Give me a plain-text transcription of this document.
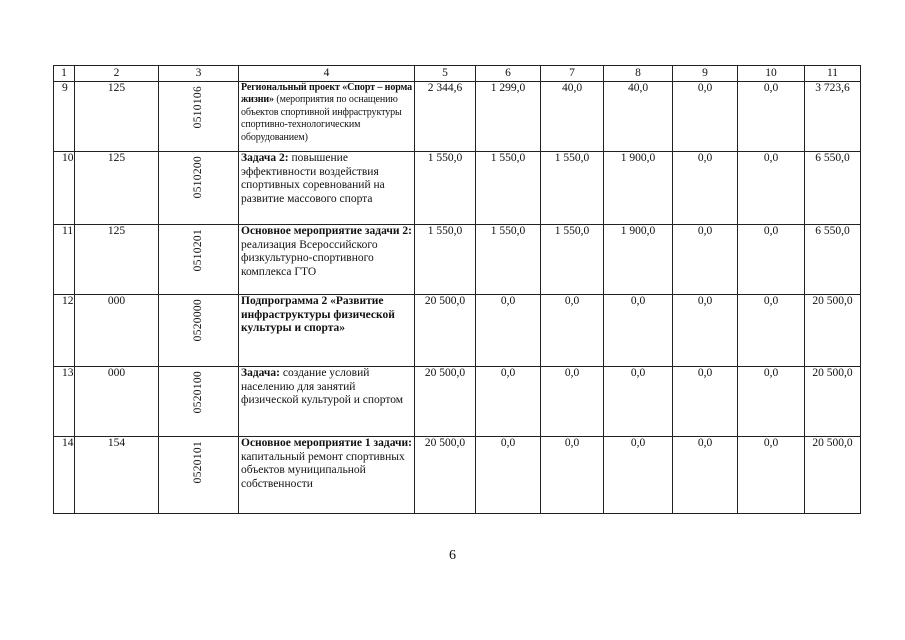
1	2	3	4	5	6	7	8	9	10	11
9	125	0510106	Региональный проект «Спорт – норма жизни» (мероприятия по оснащению объектов спортивной инфраструктуры спортивно-технологическим оборудованием)	2 344,6	1 299,0	40,0	40,0	0,0	0,0	3 723,6
10	125	0510200	Задача 2: повышение эффективности воздействия спортивных соревнований на развитие массового спорта	1 550,0	1 550,0	1 550,0	1 900,0	0,0	0,0	6 550,0
11	125	0510201	Основное мероприятие задачи 2: реализация Всероссийского физкультурно-спортивного комплекса ГТО	1 550,0	1 550,0	1 550,0	1 900,0	0,0	0,0	6 550,0
12	000	0520000	Подпрограмма 2 «Развитие инфраструктуры физической культуры и спорта»	20 500,0	0,0	0,0	0,0	0,0	0,0	20 500,0
13	000	0520100	Задача: создание условий населению для занятий физической культурой и спортом	20 500,0	0,0	0,0	0,0	0,0	0,0	20 500,0
14	154	0520101	Основное мероприятие 1 задачи: капитальный ремонт спортивных объектов муниципальной собственности	20 500,0	0,0	0,0	0,0	0,0	0,0	20 500,0
6
